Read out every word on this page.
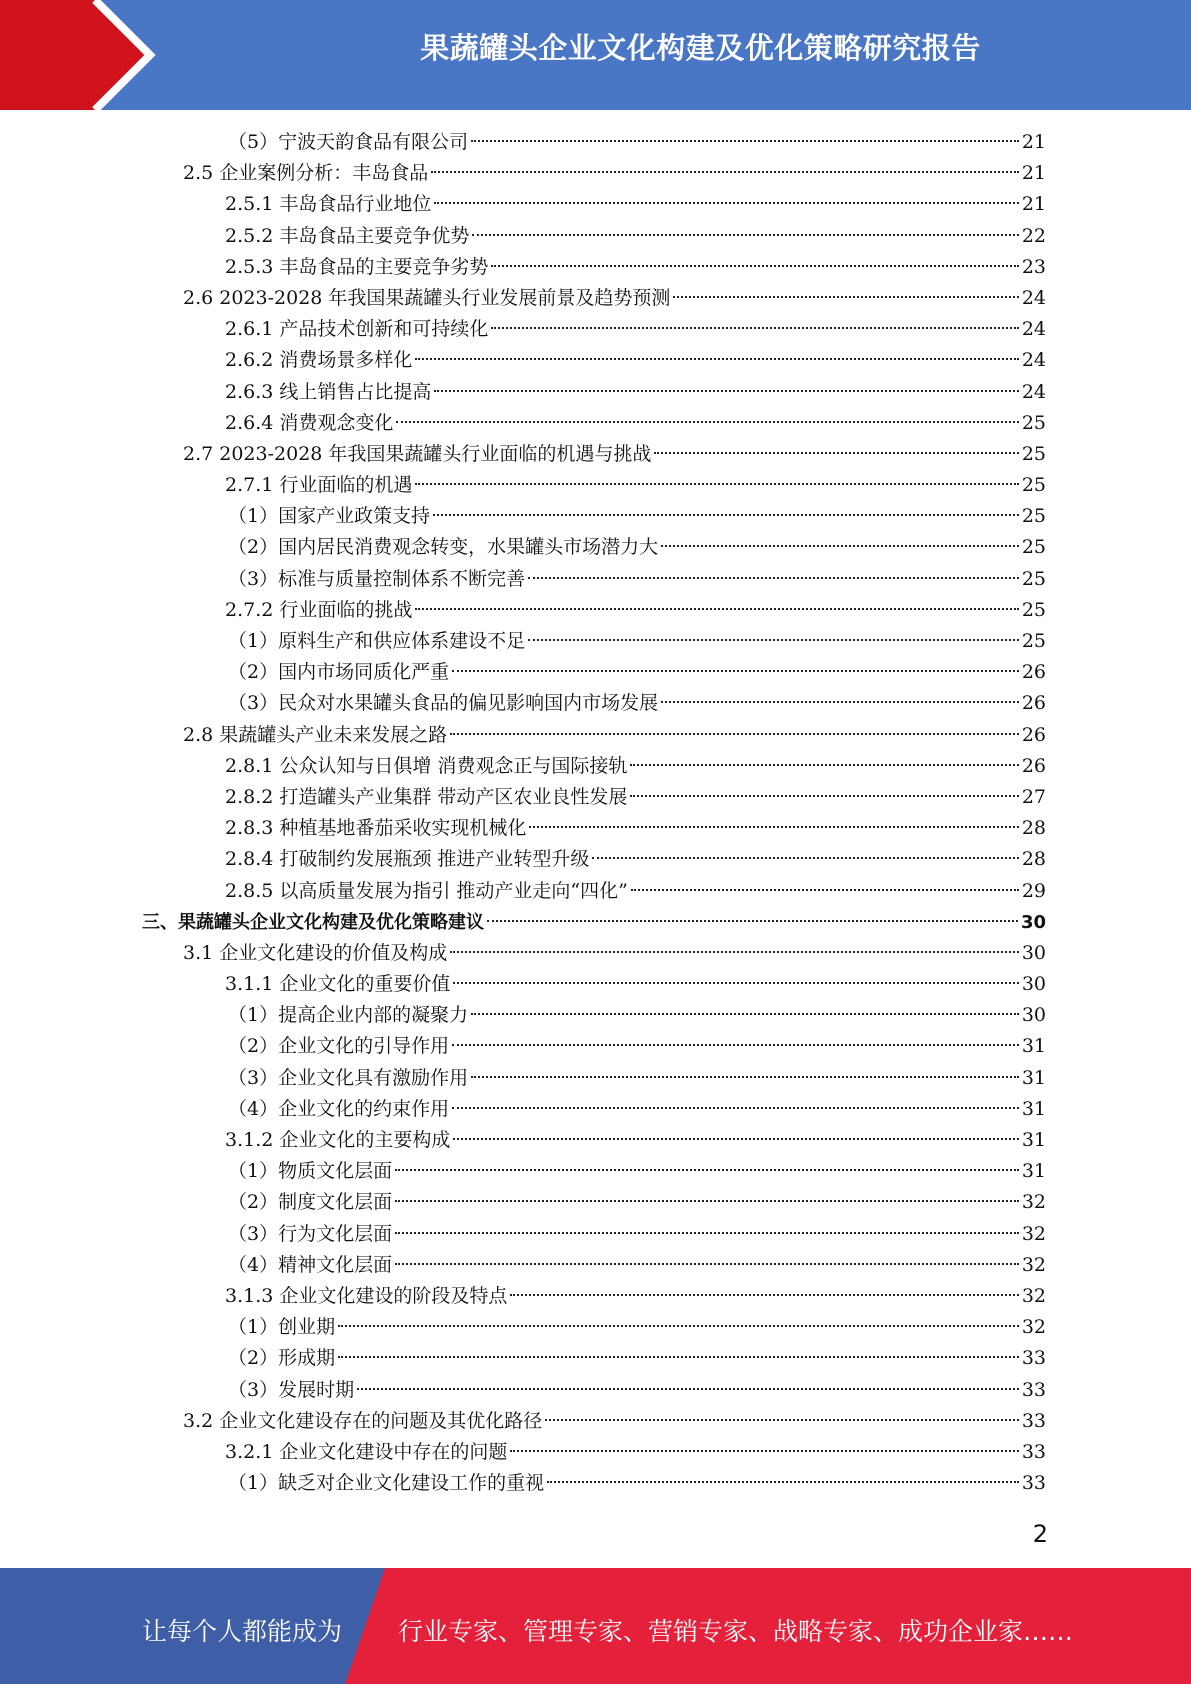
果蔬罐头企业文化构建及优化策略研究报告
（5）宁波天韵食品有限公司	21
2.5 企业案例分析：丰岛食品	21
2.5.1 丰岛食品行业地位	21
2.5.2 丰岛食品主要竞争优势	22
2.5.3 丰岛食品的主要竞争劣势	23
2.6 2023-2028 年我国果蔬罐头行业发展前景及趋势预测	24
2.6.1 产品技术创新和可持续化	24
2.6.2 消费场景多样化	24
2.6.3 线上销售占比提高	24
2.6.4 消费观念变化	25
2.7 2023-2028 年我国果蔬罐头行业面临的机遇与挑战	25
2.7.1 行业面临的机遇	25
（1）国家产业政策支持	25
（2）国内居民消费观念转变，水果罐头市场潜力大	25
（3）标准与质量控制体系不断完善	25
2.7.2 行业面临的挑战	25
（1）原料生产和供应体系建设不足	25
（2）国内市场同质化严重	26
（3）民众对水果罐头食品的偏见影响国内市场发展	26
2.8 果蔬罐头产业未来发展之路	26
2.8.1 公众认知与日俱增 消费观念正与国际接轨	26
2.8.2 打造罐头产业集群 带动产区农业良性发展	27
2.8.3 种植基地番茄采收实现机械化	28
2.8.4 打破制约发展瓶颈 推进产业转型升级	28
2.8.5 以高质量发展为指引 推动产业走向“四化”	29
三、果蔬罐头企业文化构建及优化策略建议	30
3.1 企业文化建设的价值及构成	30
3.1.1 企业文化的重要价值	30
（1）提高企业内部的凝聚力	30
（2）企业文化的引导作用	31
（3）企业文化具有激励作用	31
（4）企业文化的约束作用	31
3.1.2 企业文化的主要构成	31
（1）物质文化层面	31
（2）制度文化层面	32
（3）行为文化层面	32
（4）精神文化层面	32
3.1.3 企业文化建设的阶段及特点	32
（1）创业期	32
（2）形成期	33
（3）发展时期	33
3.2 企业文化建设存在的问题及其优化路径	33
3.2.1 企业文化建设中存在的问题	33
（1）缺乏对企业文化建设工作的重视	33
2
让每个人都能成为 行业专家、管理专家、营销专家、战略专家、成功企业家……
